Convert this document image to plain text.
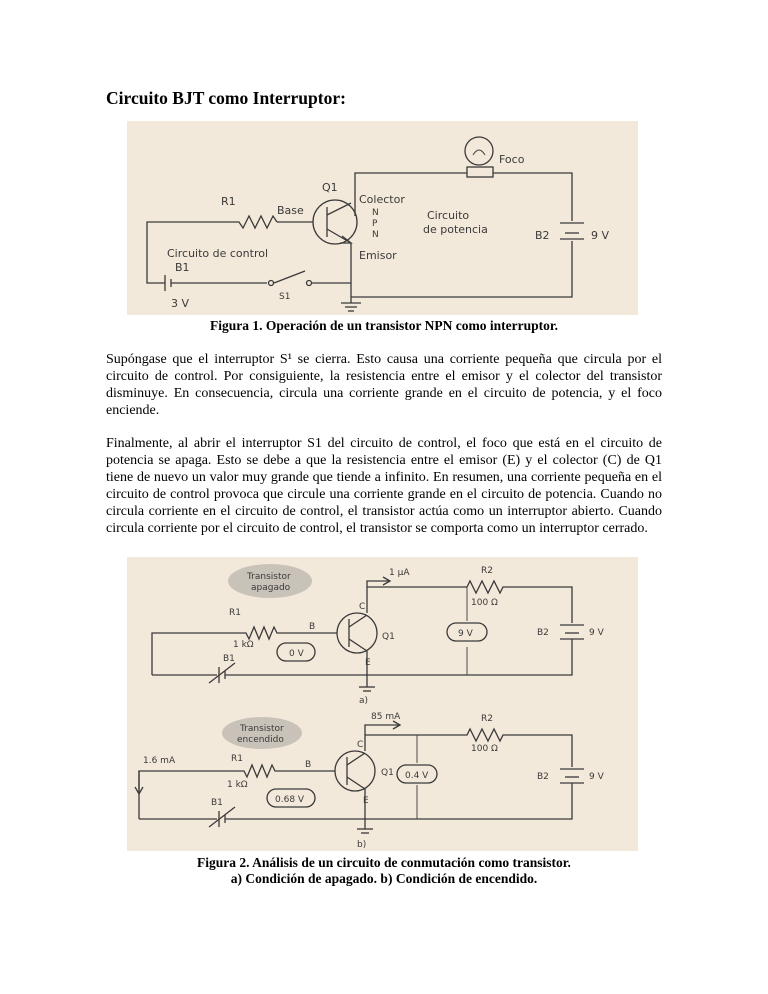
Circuito BJT como Interruptor:
Foco
B2	9 V
Q1
Colector
N
P
N
Circuito
de potencia
Emisor
Base
R1
Circuito de control
B1
3 V	S1
Figura 1. Operación de un transistor NPN como interruptor.

Supóngase que el interruptor S¹ se cierra. Esto causa una corriente pequeña que circula por el circuito de control. Por consiguiente, la resistencia entre el emisor y el colector del transistor disminuye. En consecuencia, circula una corriente grande en el circuito de potencia, y el foco enciende.

Finalmente, al abrir el interruptor S1 del circuito de control, el foco que está en el circuito de potencia se apaga. Esto se debe a que la resistencia entre el emisor (E) y el colector (C) de Q1 tiene de nuevo un valor muy grande que tiende a infinito. En resumen, una corriente pequeña en el circuito de control provoca que circule una corriente grande en el circuito de potencia. Cuando no circula corriente en el circuito de control, el transistor actúa como un interruptor abierto. Cuando circula corriente por el circuito de control, el transistor se comporta como un interruptor cerrado.

Transistor
apagado
1 µA	R2
100 Ω
B2	9 V
C
B
E
Q1	9 V
R1
1 kΩ
0 V
B1
a)
Transistor
encendido
85 mA	R2
100 Ω
B2	9 V
C
B
E
Q1 0.4 V
1.6 mA	R1
1 kΩ
0.68 V
B1
b)
Figura 2. Análisis de un circuito de conmutación como transistor.
a) Condición de apagado. b) Condición de encendido.
